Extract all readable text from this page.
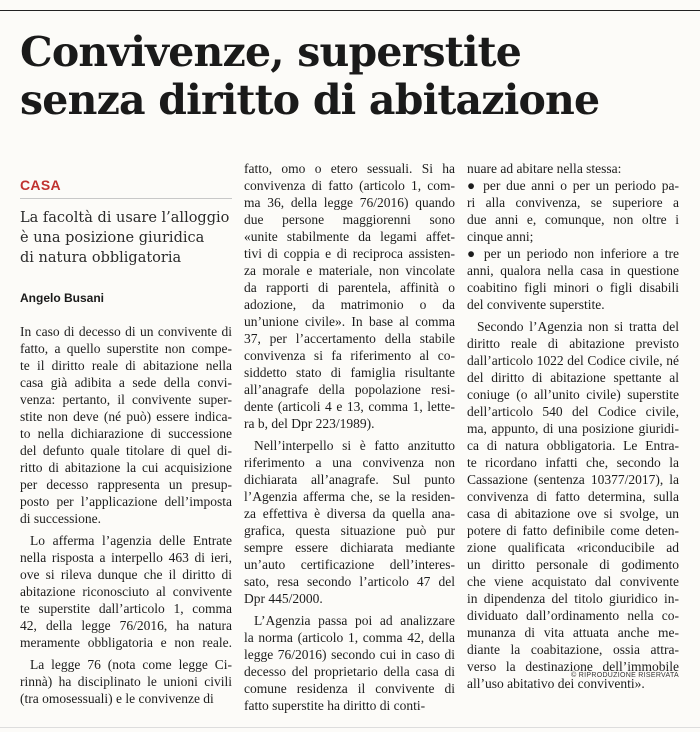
Convivenze, superstite
senza diritto di abitazione
CASA

La facoltà di usare l’alloggio
è una posizione giuridica
di natura obbligatoria

Angelo Busani
In caso di decesso di un convivente di
fatto, a quello superstite non compe-
te il diritto reale di abitazione nella
casa già adibita a sede della convi-
venza: pertanto, il convivente super-
stite non deve (né può) essere indica-
to nella dichiarazione di successione
del defunto quale titolare di quel di-
ritto di abitazione la cui acquisizione
per decesso rappresenta un presup-
posto per l’applicazione dell’imposta
di successione.
Lo afferma l’agenzia delle Entrate
nella risposta a interpello 463 di ieri,
ove si rileva dunque che il diritto di
abitazione riconosciuto al convivente
te superstite dall’articolo 1, comma
42, della legge 76/2016, ha natura
meramente obbligatoria e non reale.
La legge 76 (nota come legge Ci-
rinnà) ha disciplinato le unioni civili
(tra omosessuali) e le convivenze di
fatto, omo o etero sessuali. Si ha
convivenza di fatto (articolo 1, com-
ma 36, della legge 76/2016) quando
due persone maggiorenni sono
«unite stabilmente da legami affet-
tivi di coppia e di reciproca assisten-
za morale e materiale, non vincolate
da rapporti di parentela, affinità o
adozione, da matrimonio o da
un’unione civile». In base al comma
37, per l’accertamento della stabile
convivenza si fa riferimento al co-
siddetto stato di famiglia risultante
all’anagrafe della popolazione resi-
dente (articoli 4 e 13, comma 1, lette-
ra b, del Dpr 223/1989).
Nell’interpello si è fatto anzitutto
riferimento a una convivenza non
dichiarata all’anagrafe. Sul punto
l’Agenzia afferma che, se la residen-
za effettiva è diversa da quella ana-
grafica, questa situazione può pur
sempre essere dichiarata mediante
un’auto certificazione dell’interes-
sato, resa secondo l’articolo 47 del
Dpr 445/2000.
L’Agenzia passa poi ad analizzare
la norma (articolo 1, comma 42, della
legge 76/2016) secondo cui in caso di
decesso del proprietario della casa di
comune residenza il convivente di
fatto superstite ha diritto di conti-
nuare ad abitare nella stessa:
● per due anni o per un periodo pa-
ri alla convivenza, se superiore a
due anni e, comunque, non oltre i
cinque anni;
● per un periodo non inferiore a tre
anni, qualora nella casa in questione
coabitino figli minori o figli disabili
del convivente superstite.
Secondo l’Agenzia non si tratta del
diritto reale di abitazione previsto
dall’articolo 1022 del Codice civile, né
del diritto di abitazione spettante al
coniuge (o all’unito civile) superstite
dell’articolo 540 del Codice civile,
ma, appunto, di una posizione giuridi-
ca di natura obbligatoria. Le Entra-
te ricordano infatti che, secondo la
Cassazione (sentenza 10377/2017), la
convivenza di fatto determina, sulla
casa di abitazione ove si svolge, un
potere di fatto definibile come deten-
zione qualificata «riconducibile ad
un diritto personale di godimento
che viene acquistato dal convivente
in dipendenza del titolo giuridico in-
dividuato dall’ordinamento nella co-
munanza di vita attuata anche me-
diante la coabitazione, ossia attra-
verso la destinazione dell’immobile
all’uso abitativo dei conviventi».
© RIPRODUZIONE RISERVATA
